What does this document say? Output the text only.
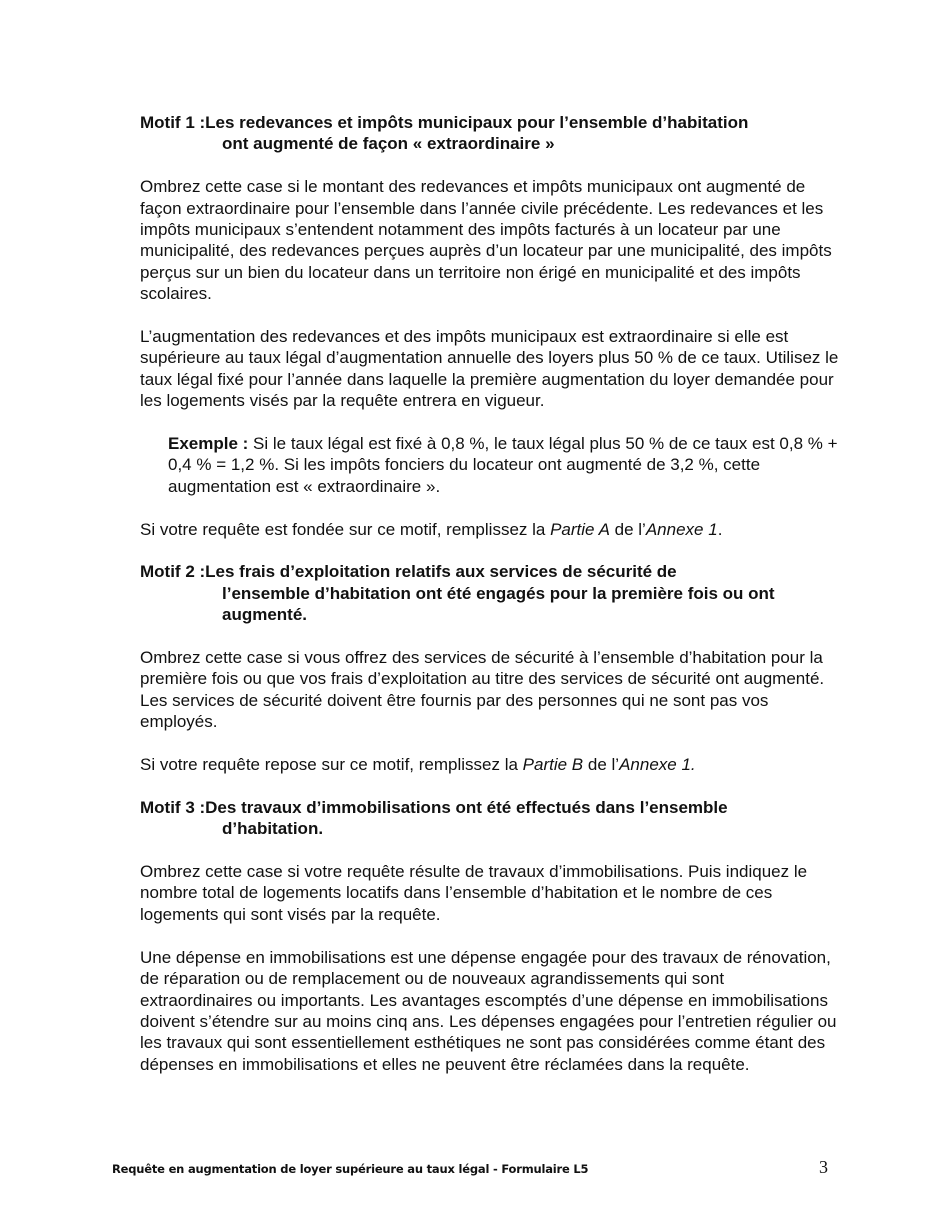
Motif 1 : Les redevances et impôts municipaux pour l’ensemble d’habitation
ont augmenté de façon « extraordinaire »

Ombrez cette case si le montant des redevances et impôts municipaux ont augmenté de façon extraordinaire pour l’ensemble dans l’année civile précédente. Les redevances et les impôts municipaux s’entendent notamment des impôts facturés à un locateur par une municipalité, des redevances perçues auprès d’un locateur par une municipalité, des impôts perçus sur un bien du locateur dans un territoire non érigé en municipalité et des impôts scolaires.

L’augmentation des redevances et des impôts municipaux est extraordinaire si elle est supérieure au taux légal d’augmentation annuelle des loyers plus 50 % de ce taux. Utilisez le taux légal fixé pour l’année dans laquelle la première augmentation du loyer demandée pour les logements visés par la requête entrera en vigueur.

Exemple : Si le taux légal est fixé à 0,8 %, le taux légal plus 50 % de ce taux est 0,8 % + 0,4 % = 1,2 %. Si les impôts fonciers du locateur ont augmenté de 3,2 %, cette augmentation est « extraordinaire ».

Si votre requête est fondée sur ce motif, remplissez la Partie A de l’Annexe 1.

Motif 2 : Les frais d’exploitation relatifs aux services de sécurité de
l’ensemble d’habitation ont été engagés pour la première fois ou ont augmenté.

Ombrez cette case si vous offrez des services de sécurité à l’ensemble d’habitation pour la première fois ou que vos frais d’exploitation au titre des services de sécurité ont augmenté. Les services de sécurité doivent être fournis par des personnes qui ne sont pas vos employés.

Si votre requête repose sur ce motif, remplissez la Partie B de l’Annexe 1.

Motif 3 : Des travaux d’immobilisations ont été effectués dans l’ensemble
d’habitation.

Ombrez cette case si votre requête résulte de travaux d’immobilisations. Puis indiquez le nombre total de logements locatifs dans l’ensemble d’habitation et le nombre de ces logements qui sont visés par la requête.

Une dépense en immobilisations est une dépense engagée pour des travaux de rénovation, de réparation ou de remplacement ou de nouveaux agrandissements qui sont extraordinaires ou importants. Les avantages escomptés d’une dépense en immobilisations doivent s’étendre sur au moins cinq ans. Les dépenses engagées pour l’entretien régulier ou les travaux qui sont essentiellement esthétiques ne sont pas considérées comme étant des dépenses en immobilisations et elles ne peuvent être réclamées dans la requête.

Requête en augmentation de loyer supérieure au taux légal - Formulaire L5	3
